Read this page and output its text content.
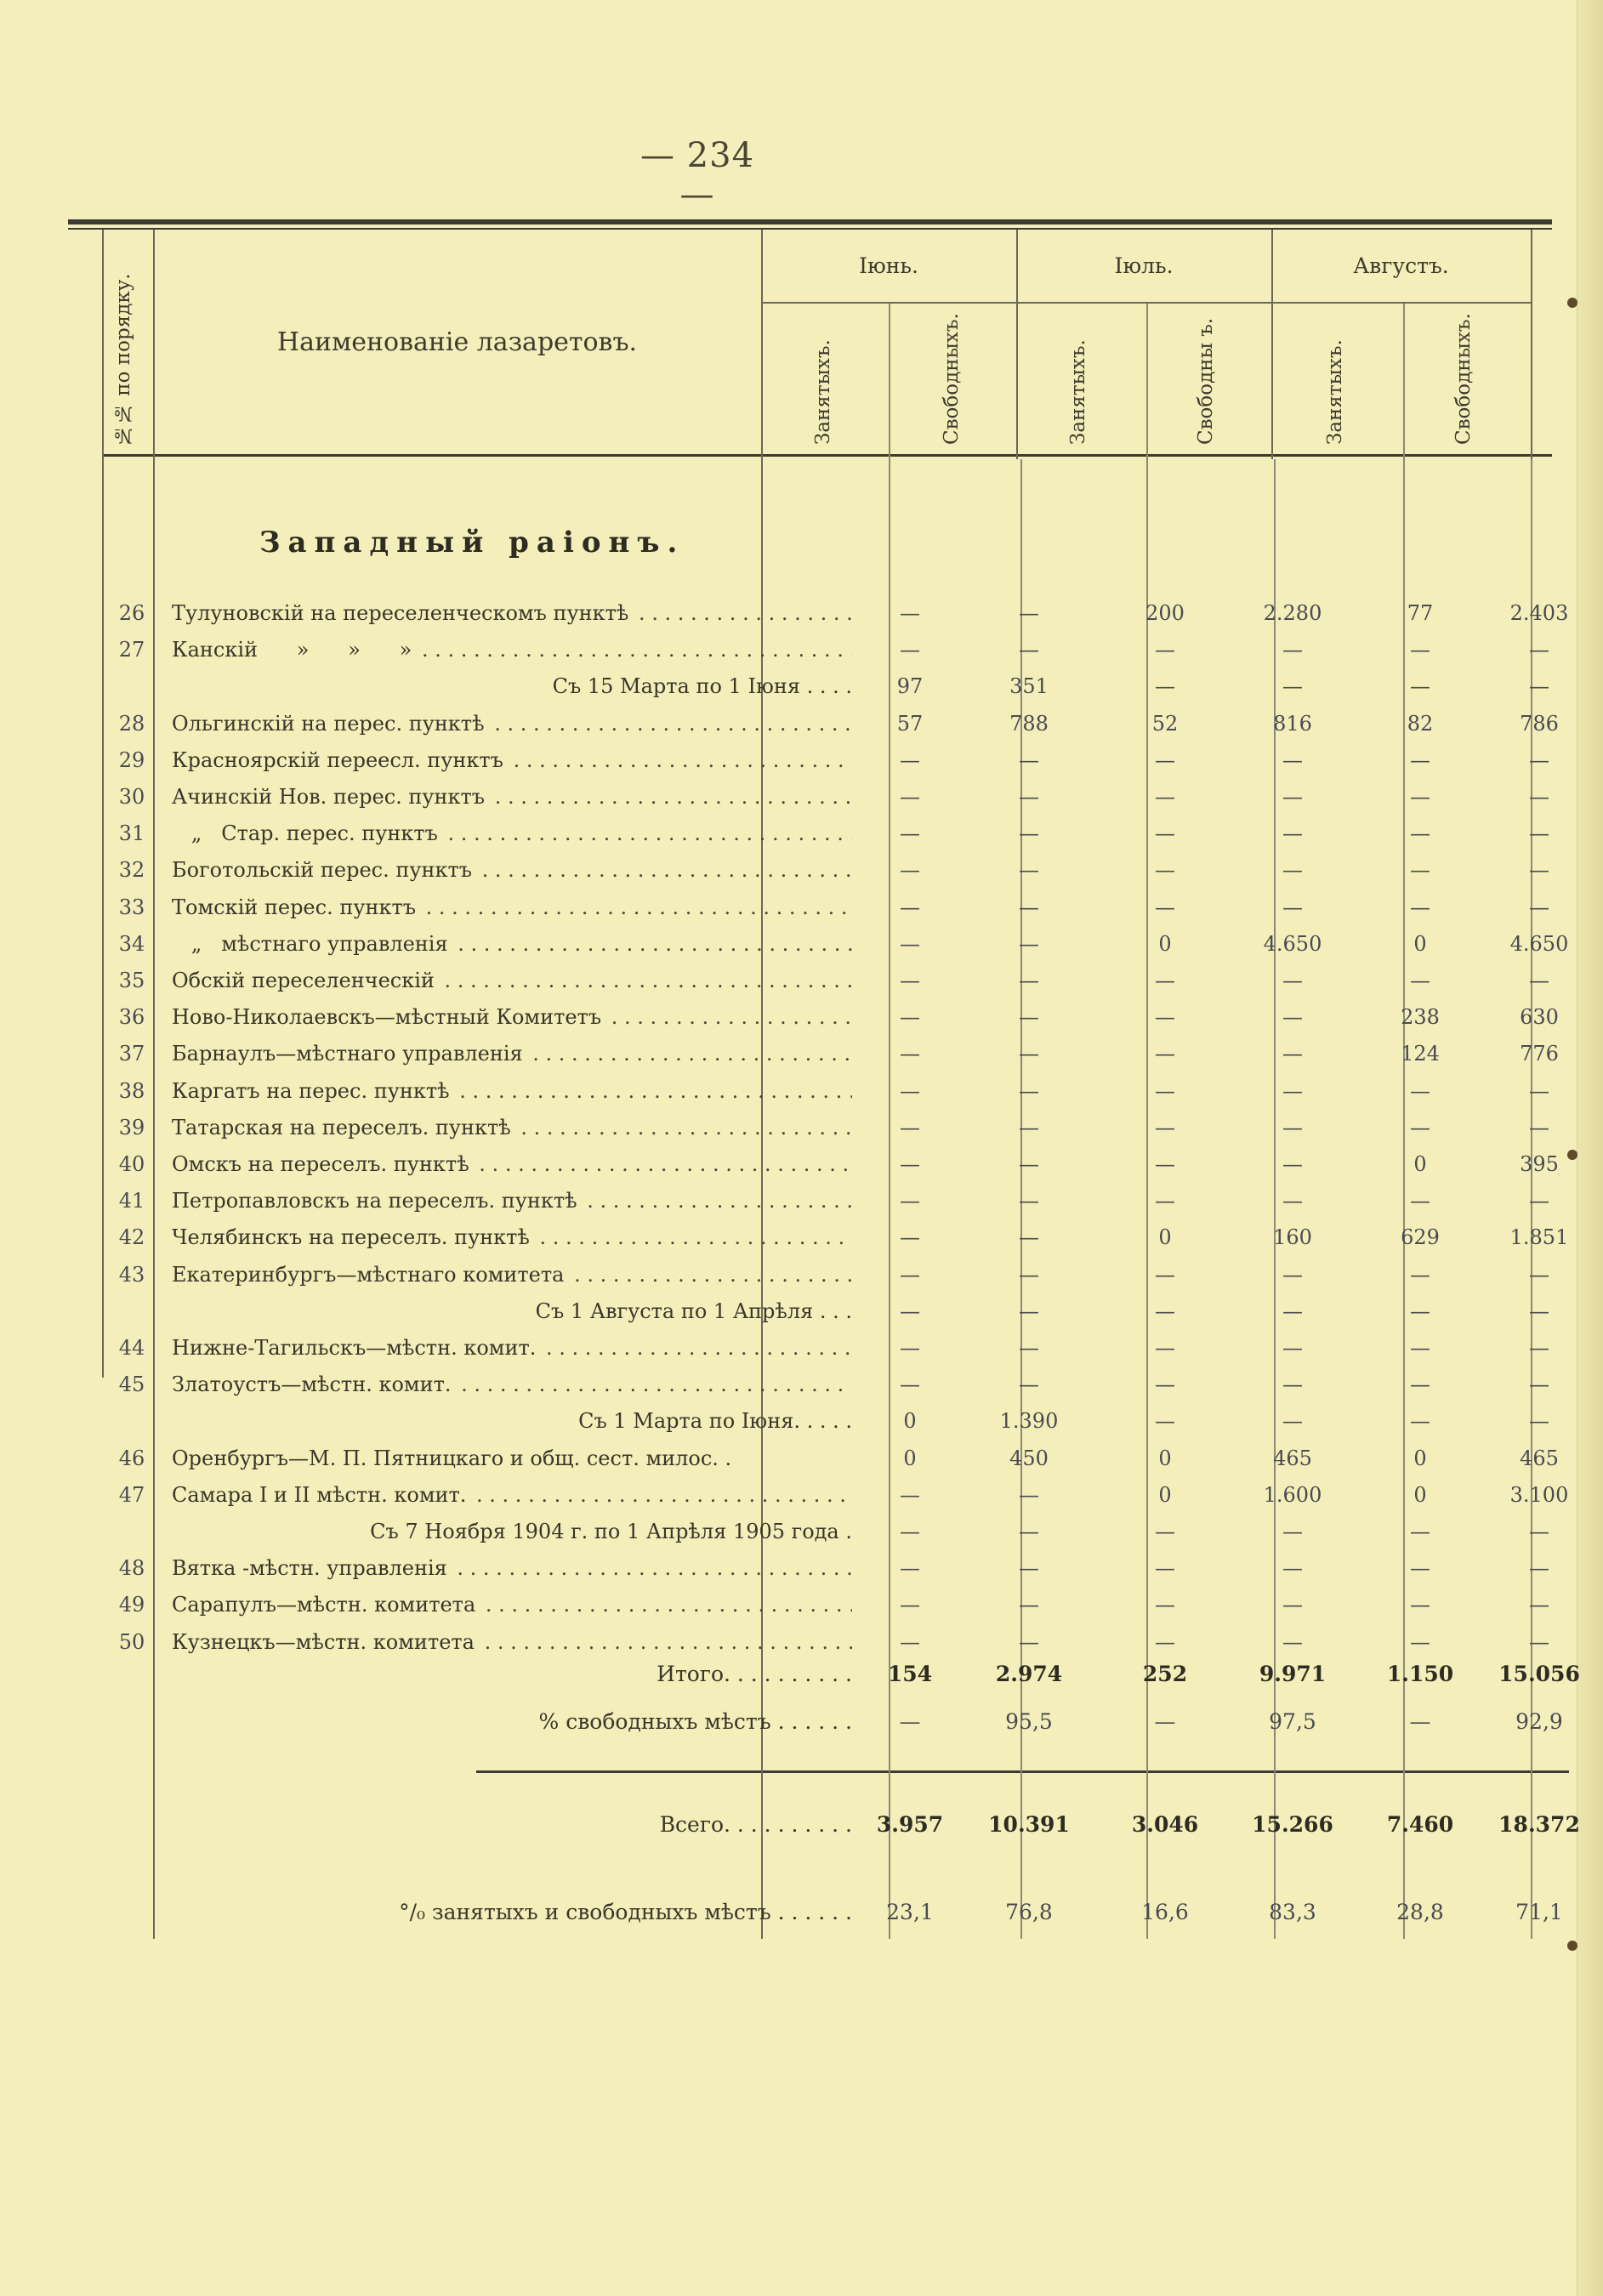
— 234 —
№№ по порядку.	Наименованіе лазаретовъ.
Іюнь.	Іюль.	Августъ.
Занятыхъ.	Свободныхъ.	Занятыхъ.	Свободны ъ.	Занятыхъ.	Свободныхъ.
Западный раіонъ.
26	Тулуновскій на переселенческомъ пунктѣ . . .	—	—	200	2.280	77	2.403
27	Канскій      »      »      » . . .	—	—	—	—	—	—
Съ 15 Марта по 1 Іюня . . . .	97	351	—	—	—	—
28	Ольгинскій на перес. пунктѣ . . .	57	788	52	816	82	786
29	Красноярскій переесл. пунктъ . . .	—	—	—	—	—	—
30	Ачинскій Нов. перес. пунктъ . . .	—	—	—	—	—	—
31	„   Стар. перес. пунктъ . . .	—	—	—	—	—	—
32	Боготольскій перес. пунктъ . . .	—	—	—	—	—	—
33	Томскій перес. пунктъ . . .	—	—	—	—	—	—
34	„   мѣстнаго управленія . . .	—	—	0	4.650	0	4.650
35	Обскій переселенческій . . .	—	—	—	—	—	—
36	Ново-Николаевскъ—мѣстный Комитетъ . . .	—	—	—	—	238	630
37	Барнаулъ—мѣстнаго управленія . . .	—	—	—	—	124	776
38	Каргатъ на перес. пунктѣ . . .	—	—	—	—	—	—
39	Татарская на переселъ. пунктѣ . . .	—	—	—	—	—	—
40	Омскъ на переселъ. пунктѣ . . .	—	—	—	—	0	395
41	Петропавловскъ на переселъ. пунктѣ . . .	—	—	—	—	—	—
42	Челябинскъ на переселъ. пунктѣ . . .	—	—	0	160	629	1.851
43	Екатеринбургъ—мѣстнаго комитета . . .	—	—	—	—	—	—
Съ 1 Августа по 1 Апрѣля . . .	—	—	—	—	—	—
44	Нижне-Тагильскъ—мѣстн. комит. . . .	—	—	—	—	—	—
45	Златоустъ—мѣстн. комит. . . .	—	—	—	—	—	—
Съ 1 Марта по Іюня. . . . .	0	1.390	—	—	—	—
46	Оренбургъ—М. П. Пятницкаго и общ. сест. милос. .	0	450	0	465	0	465
47	Самара I и II мѣстн. комит. . . .	—	—	0	1.600	0	3.100
Съ 7 Ноября 1904 г. по 1 Апрѣля 1905 года .	—	—	—	—	—	—
48	Вятка -мѣстн. управленія . . .	—	—	—	—	—	—
49	Сарапулъ—мѣстн. комитета . . .	—	—	—	—	—	—
50	Кузнецкъ—мѣстн. комитета . . .	—	—	—	—	—	—
Итого. . . . . . . . . .	154	2.974	252	9.971	1.150	15.056
% свободныхъ мѣстъ . . . . . .	—	95,5	—	97,5	—	92,9
Всего. . . . . . . . . .	3.957	10.391	3.046	15.266	7.460	18.372
°/₀ занятыхъ и свободныхъ мѣстъ . . . . . .	23,1	76,8	16,6	83,3	28,8	71,1
